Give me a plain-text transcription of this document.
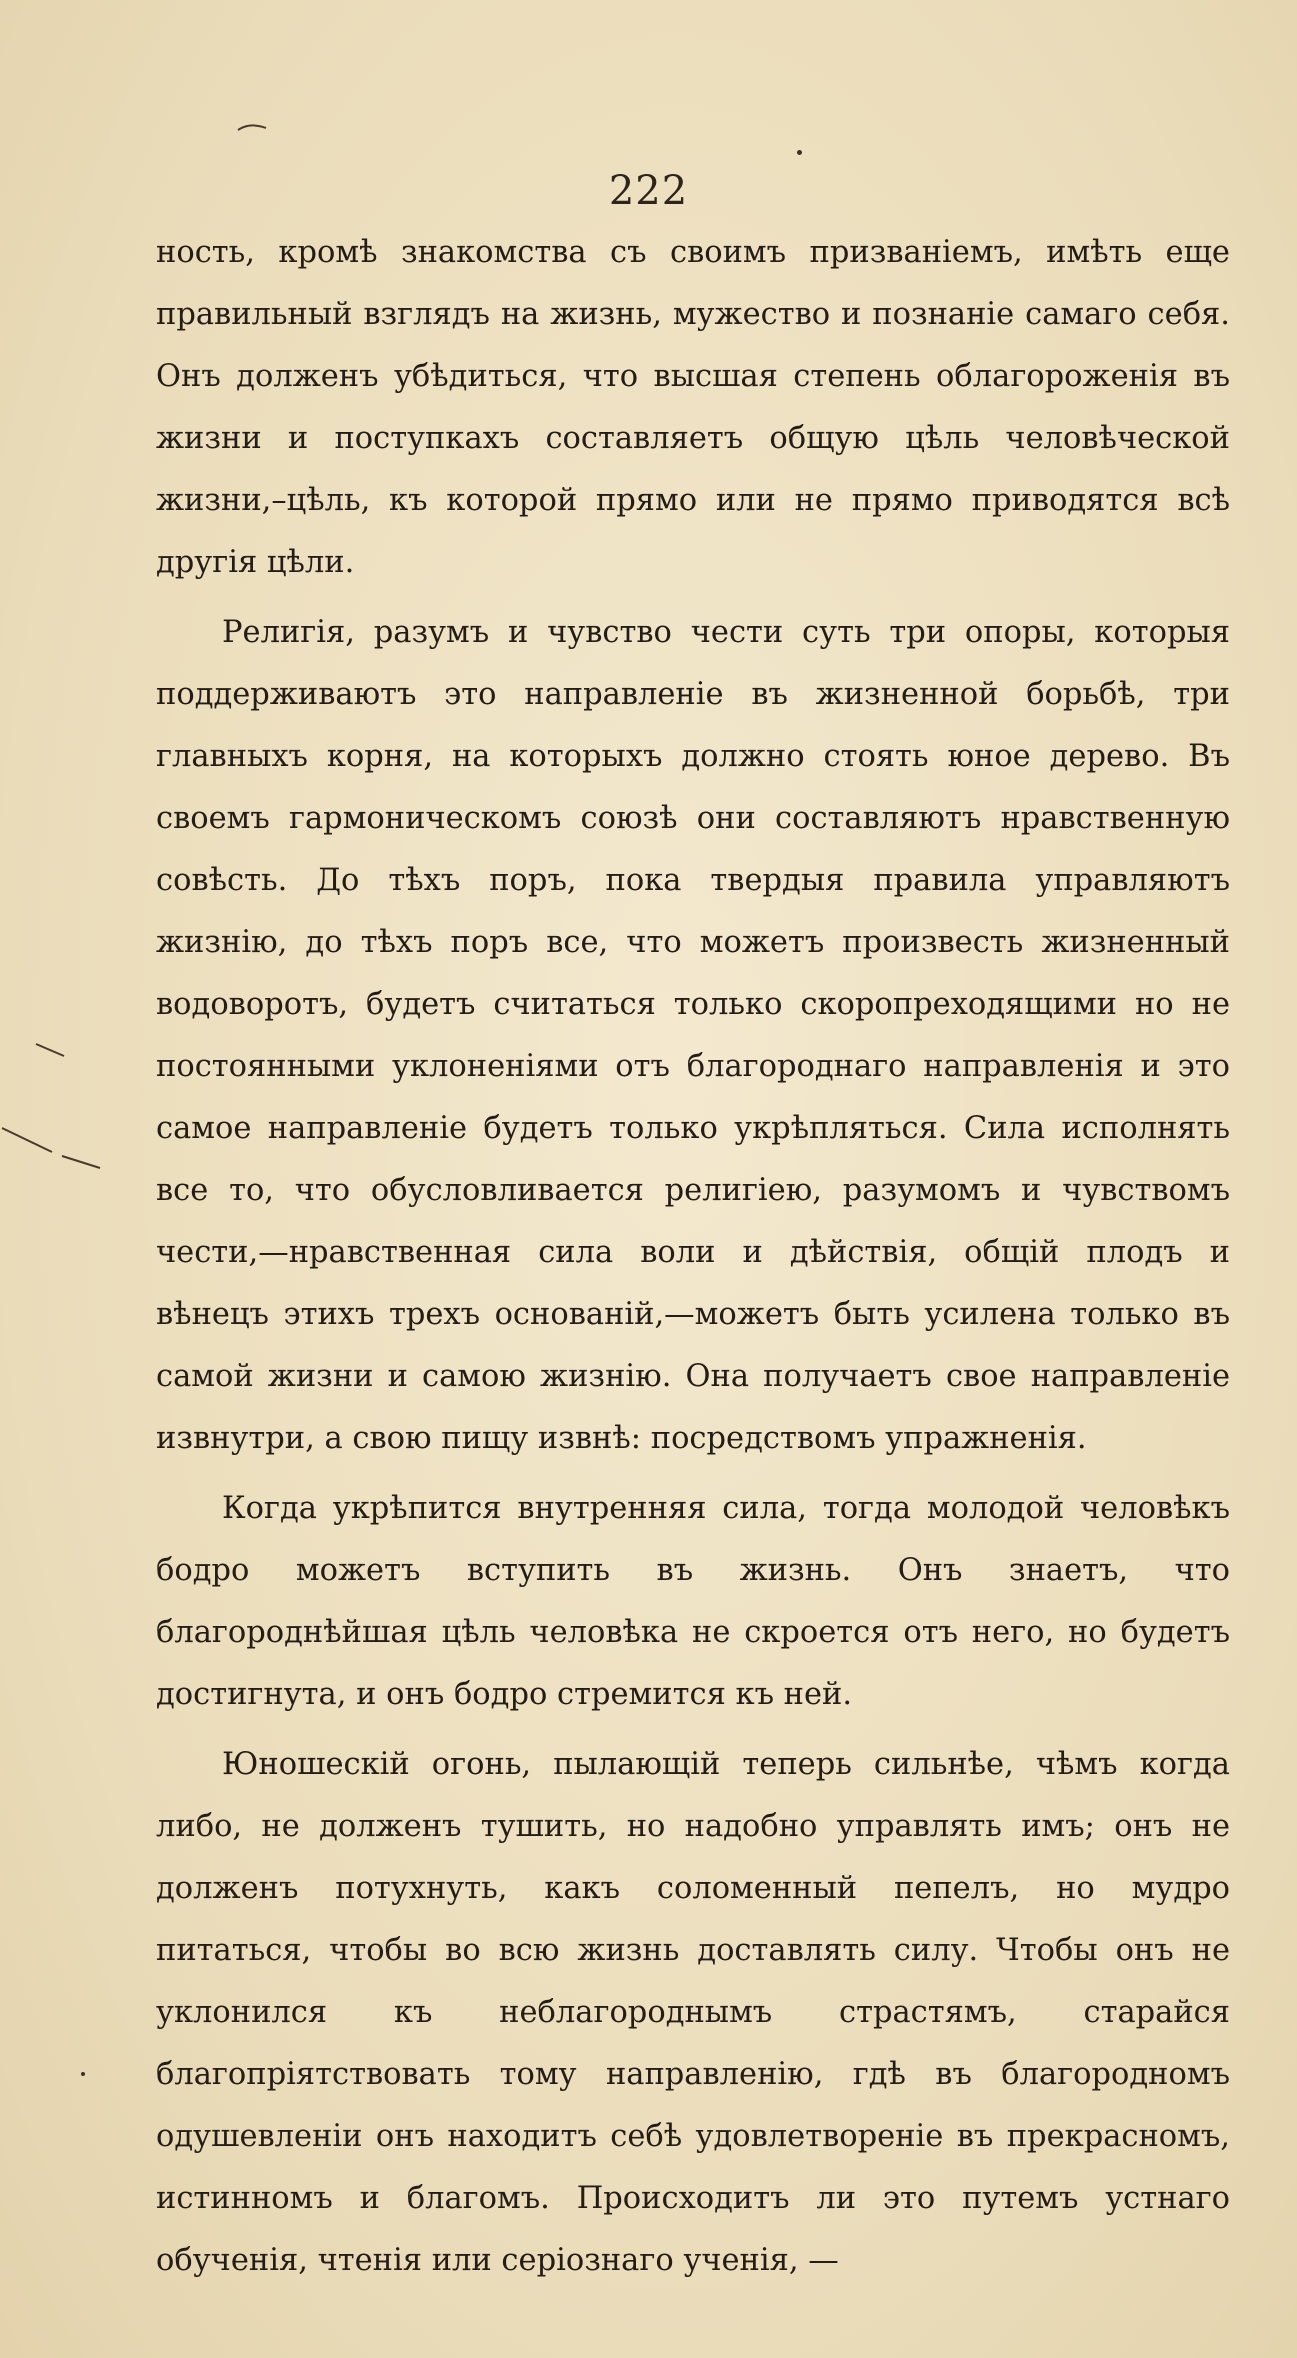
222

ность, кромѣ знакомства съ своимъ призваніемъ, имѣть еще правильный взглядъ на жизнь, мужество и познаніе самаго себя. Онъ долженъ убѣдиться, что высшая степень облагороженія въ жизни и поступкахъ составляетъ общую цѣль человѣческой жизни,–цѣль, къ которой прямо или не прямо приводятся всѣ другія цѣли.

Религія, разумъ и чувство чести суть три опоры, которыя поддерживаютъ это направленіе въ жизненной борьбѣ, три главныхъ корня, на которыхъ должно стоять юное дерево. Въ своемъ гармоническомъ союзѣ они составляютъ нравственную совѣсть. До тѣхъ поръ, пока твердыя правила управляютъ жизнію, до тѣхъ поръ все, что можетъ произвесть жизненный водоворотъ, будетъ считаться только скоропреходящими но не постоянными уклоненіями отъ благороднаго направленія и это самое направленіе будетъ только укрѣпляться. Сила исполнять все то, что обусловливается религіею, разумомъ и чувствомъ чести,—нравственная сила воли и дѣйствія, общій плодъ и вѣнецъ этихъ трехъ основаній,—можетъ быть усилена только въ самой жизни и самою жизнію. Она получаетъ свое направленіе извнутри, а свою пищу извнѣ: посредствомъ упражненія.

Когда укрѣпится внутренняя сила, тогда молодой человѣкъ бодро можетъ вступить въ жизнь. Онъ знаетъ, что благороднѣйшая цѣль человѣка не скроется отъ него, но будетъ достигнута, и онъ бодро стремится къ ней.

Юношескій огонь, пылающій теперь сильнѣе, чѣмъ когда либо, не долженъ тушить, но надобно управлять имъ; онъ не долженъ потухнуть, какъ соломенный пепелъ, но мудро питаться, чтобы во всю жизнь доставлять силу. Чтобы онъ не уклонился къ неблагороднымъ страстямъ, старайся благопріятствовать тому направленію, гдѣ въ благородномъ одушевленіи онъ находитъ себѣ удовлетвореніе въ прекрасномъ, истинномъ и благомъ. Происходитъ ли это путемъ устнаго обученія, чтенія или серіознаго ученія, —
